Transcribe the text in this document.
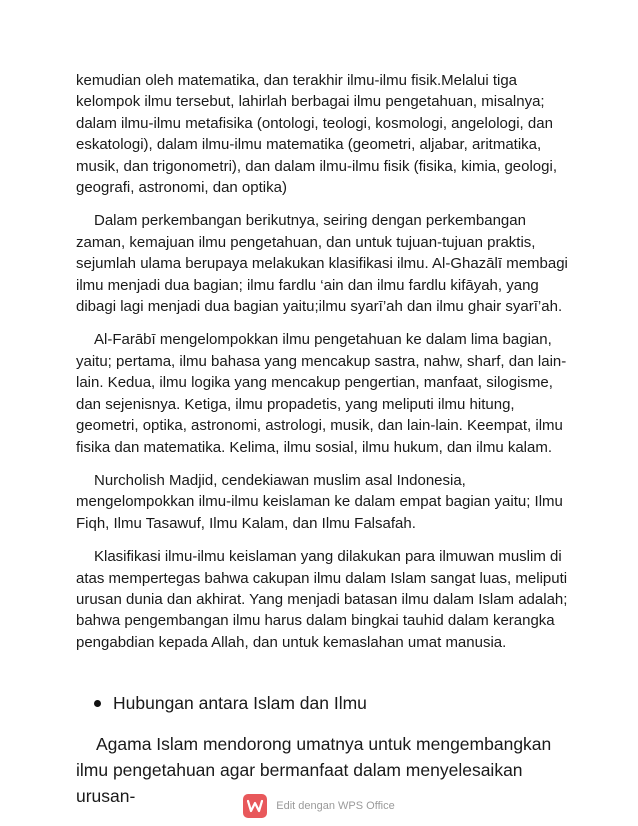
kemudian oleh matematika, dan terakhir ilmu-ilmu fisik.Melalui tiga kelompok ilmu tersebut, lahirlah berbagai ilmu pengetahuan, misalnya; dalam ilmu-ilmu metafisika (ontologi, teologi, kosmologi, angelologi, dan eskatologi), dalam ilmu-ilmu matematika (geometri, aljabar, aritmatika, musik, dan trigonometri), dan dalam ilmu-ilmu fisik (fisika, kimia, geologi, geografi, astronomi, dan optika)

Dalam perkembangan berikutnya, seiring dengan perkembangan zaman, kemajuan ilmu pengetahuan, dan untuk tujuan-tujuan praktis, sejumlah ulama berupaya melakukan klasifikasi ilmu. Al-Ghazālī membagi ilmu menjadi dua bagian; ilmu fardlu ‘ain dan ilmu fardlu kifāyah, yang dibagi lagi menjadi dua bagian yaitu;ilmu syarī’ah dan ilmu ghair syarī’ah.

Al-Farābī mengelompokkan ilmu pengetahuan ke dalam lima bagian, yaitu; pertama, ilmu bahasa yang mencakup sastra, nahw, sharf, dan lain-lain. Kedua, ilmu logika yang mencakup pengertian, manfaat, silogisme, dan sejenisnya. Ketiga, ilmu propadetis, yang meliputi ilmu hitung, geometri, optika, astronomi, astrologi, musik, dan lain-lain. Keempat, ilmu fisika dan matematika. Kelima, ilmu sosial, ilmu hukum, dan ilmu kalam.

Nurcholish Madjid, cendekiawan muslim asal Indonesia, mengelompokkan ilmu-ilmu keislaman ke dalam empat bagian yaitu; Ilmu Fiqh, Ilmu Tasawuf, Ilmu Kalam, dan Ilmu Falsafah.

Klasifikasi ilmu-ilmu keislaman yang dilakukan para ilmuwan muslim di atas mempertegas bahwa cakupan ilmu dalam Islam sangat luas, meliputi urusan dunia dan akhirat. Yang menjadi batasan ilmu dalam Islam adalah; bahwa pengembangan ilmu harus dalam bingkai tauhid dalam kerangka pengabdian kepada Allah, dan untuk kemaslahan umat manusia.

Hubungan antara Islam dan Ilmu
Agama Islam mendorong umatnya untuk mengembangkan
ilmu pengetahuan agar bermanfaat dalam menyelesaikan urusan-	Edit dengan WPS Office
